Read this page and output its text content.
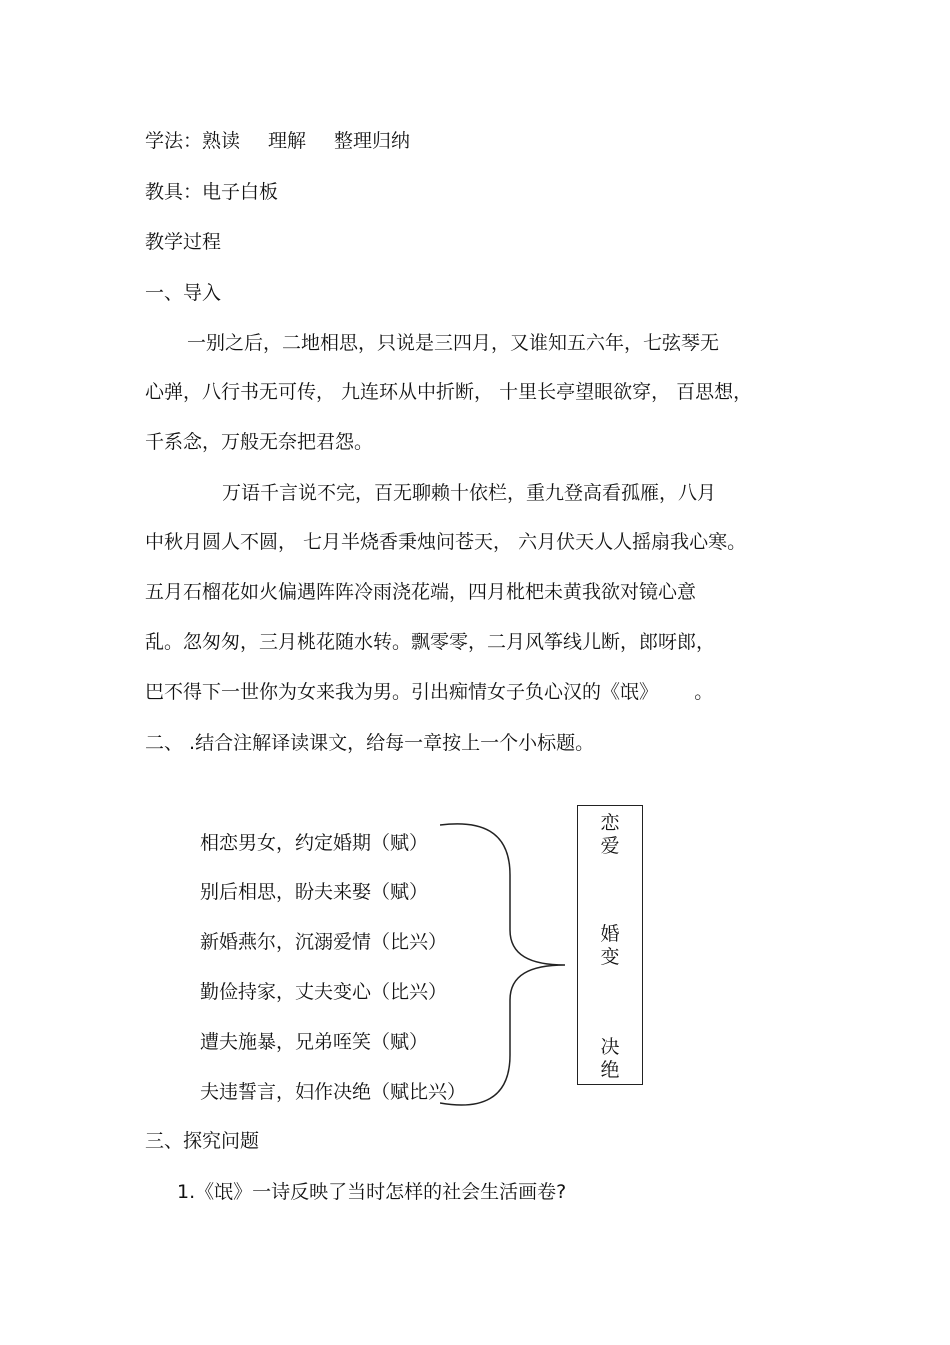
学法：熟读 理解 整理归纳
教具：电子白板
教学过程
一、导入
一别之后，二地相思，只说是三四月，又谁知五六年，七弦琴无
心弹，八行书无可传， 九连环从中折断， 十里长亭望眼欲穿， 百思想，
千系念，万般无奈把君怨。
万语千言说不完，百无聊赖十依栏，重九登高看孤雁，八月
中秋月圆人不圆， 七月半烧香秉烛问苍天， 六月伏天人人摇扇我心寒。
五月石榴花如火偏遇阵阵冷雨浇花端，四月枇杷未黄我欲对镜心意
乱。忽匆匆，三月桃花随水转。飘零零，二月风筝线儿断，郎呀郎，
巴不得下一世你为女来我为男。引出痴情女子负心汉的《氓》      。
二、 .结合注解译读课文，给每一章按上一个小标题。
相恋男女，约定婚期（赋）
别后相思，盼夫来娶（赋）
新婚燕尔，沉溺爱情（比兴）
勤俭持家，丈夫变心（比兴）
遭夫施暴，兄弟咥笑（赋）
夫违誓言，妇作决绝（赋比兴）
恋
爱
婚
变
决
绝
三、探究问题
1.《氓》一诗反映了当时怎样的社会生活画卷?
